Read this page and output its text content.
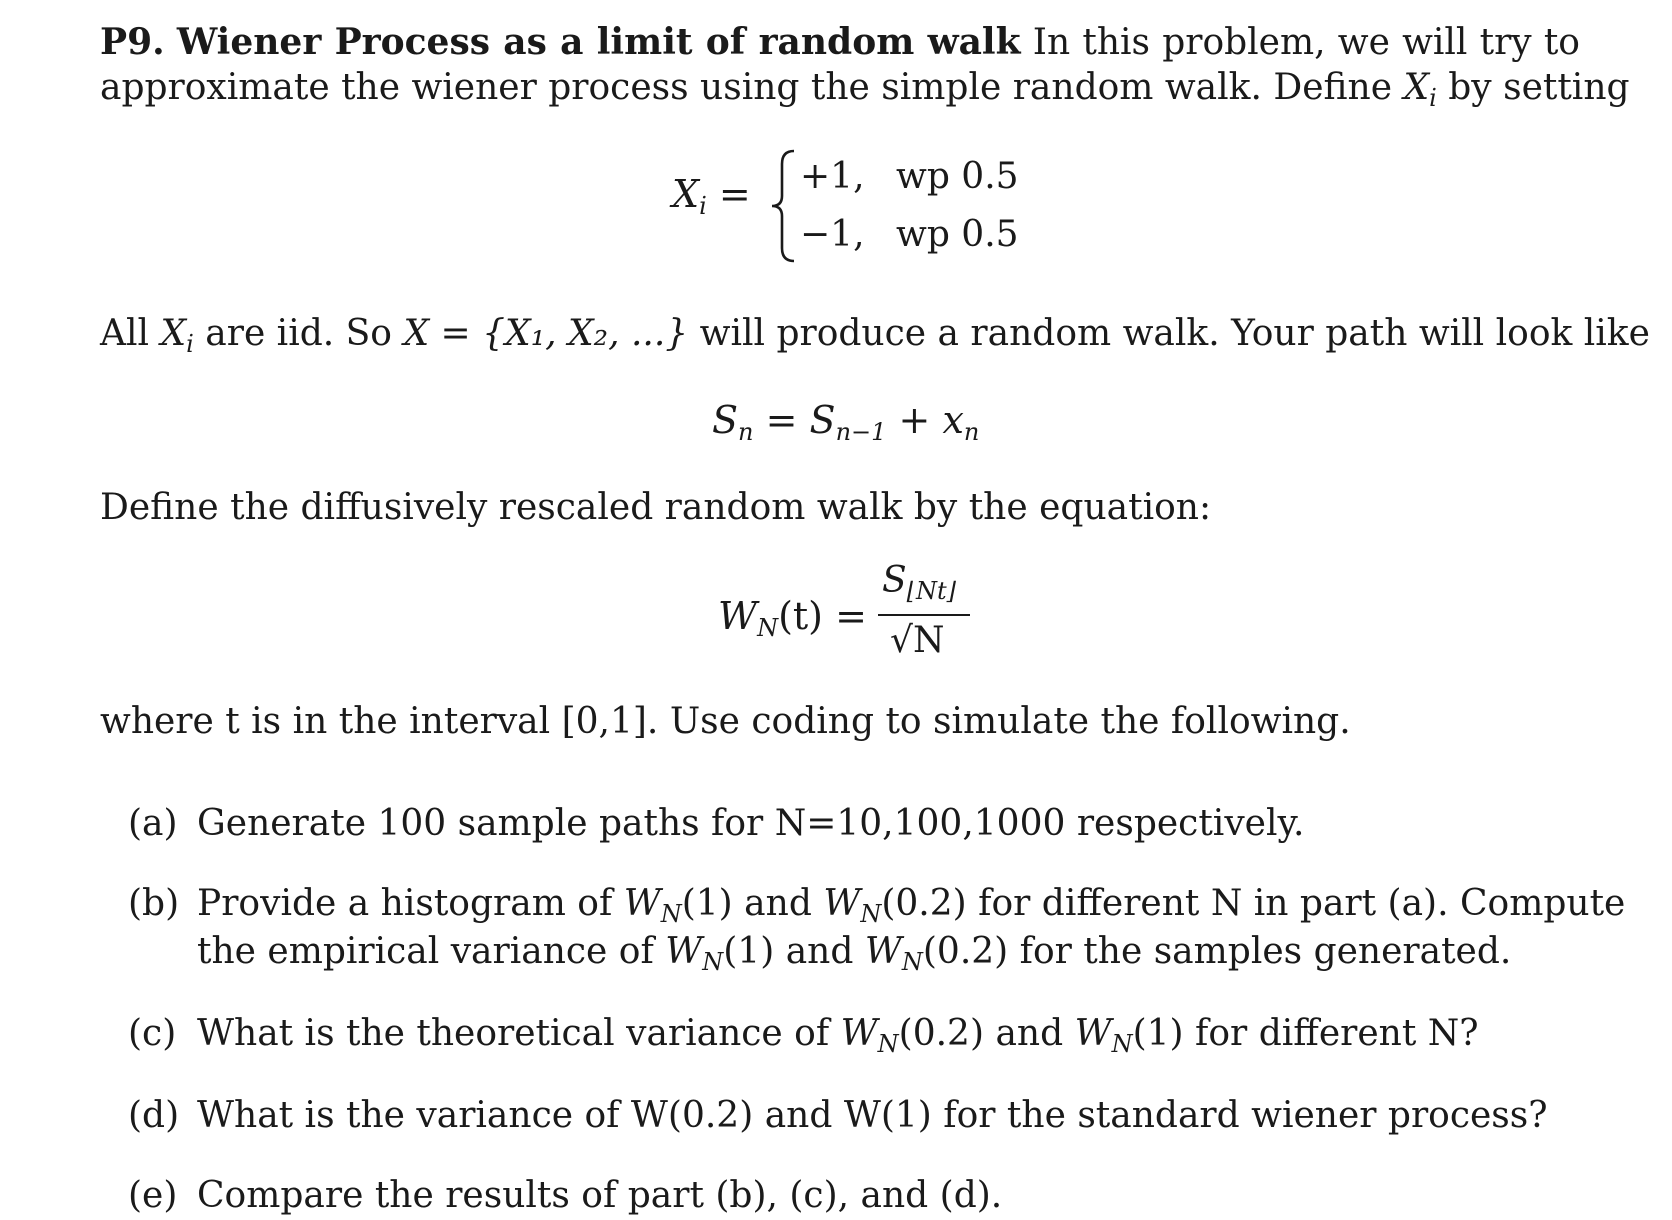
P9. Wiener Process as a limit of random walk In this problem, we will try to
approximate the wiener process using the simple random walk. Define $X_i$ by setting
$X_i = +1$, wp 0.5
−1, wp 0.5
All $X_i$ are iid. So X = {X₁, X₂, ...} will produce a random walk. Your path will look like
$S_n = S_{n-1} + x_n$
Define the diffusively rescaled random walk by the equation:
$W_N(t)$ =
$S_{⌊Nt⌋}$
√N
where t is in the interval [0,1]. Use coding to simulate the following.
(a) Generate 100 sample paths for N=10,100,1000 respectively.
(b) Provide a histogram of $W_N(1)$ and $W_N(0.2)$ for different N in part (a). Compute
the empirical variance of $W_N(1)$ and $W_N(0.2)$ for the samples generated.
(c) What is the theoretical variance of $W_N(0.2)$ and $W_N(1)$ for different N?
(d) What is the variance of W(0.2) and W(1) for the standard wiener process?
(e) Compare the results of part (b), (c), and (d).
